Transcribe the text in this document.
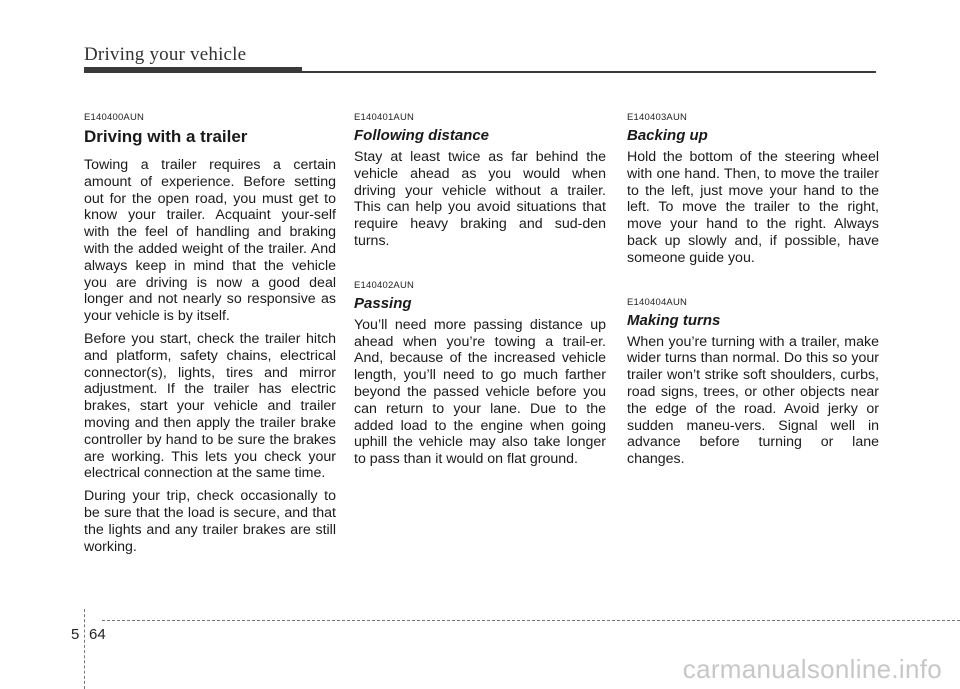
Driving your vehicle

E140400AUN

Driving with a trailer

Towing a trailer requires a certain amount of experience. Before setting out for the open road, you must get to know your trailer. Acquaint your-self with the feel of handling and braking with the added weight of the trailer. And always keep in mind that the vehicle you are driving is now a good deal longer and not nearly so responsive as your vehicle is by itself.

Before you start, check the trailer hitch and platform, safety chains, electrical connector(s), lights, tires and mirror adjustment. If the trailer has electric brakes, start your vehicle and trailer moving and then apply the trailer brake controller by hand to be sure the brakes are working. This lets you check your electrical connection at the same time.

During your trip, check occasionally to be sure that the load is secure, and that the lights and any trailer brakes are still working.

E140401AUN

Following distance

Stay at least twice as far behind the vehicle ahead as you would when driving your vehicle without a trailer. This can help you avoid situations that require heavy braking and sud-den turns.

E140402AUN

Passing

You’ll need more passing distance up ahead when you’re towing a trail-er. And, because of the increased vehicle length, you’ll need to go much farther beyond the passed vehicle before you can return to your lane. Due to the added load to the engine when going uphill the vehicle may also take longer to pass than it would on flat ground.

E140403AUN

Backing up

Hold the bottom of the steering wheel with one hand. Then, to move the trailer to the left, just move your hand to the left. To move the trailer to the right, move your hand to the right. Always back up slowly and, if possible, have someone guide you.

E140404AUN

Making turns

When you’re turning with a trailer, make wider turns than normal. Do this so your trailer won’t strike soft shoulders, curbs, road signs, trees, or other objects near the edge of the road. Avoid jerky or sudden maneu-vers. Signal well in advance before turning or lane changes.

5 64
carmanualsonline.info
